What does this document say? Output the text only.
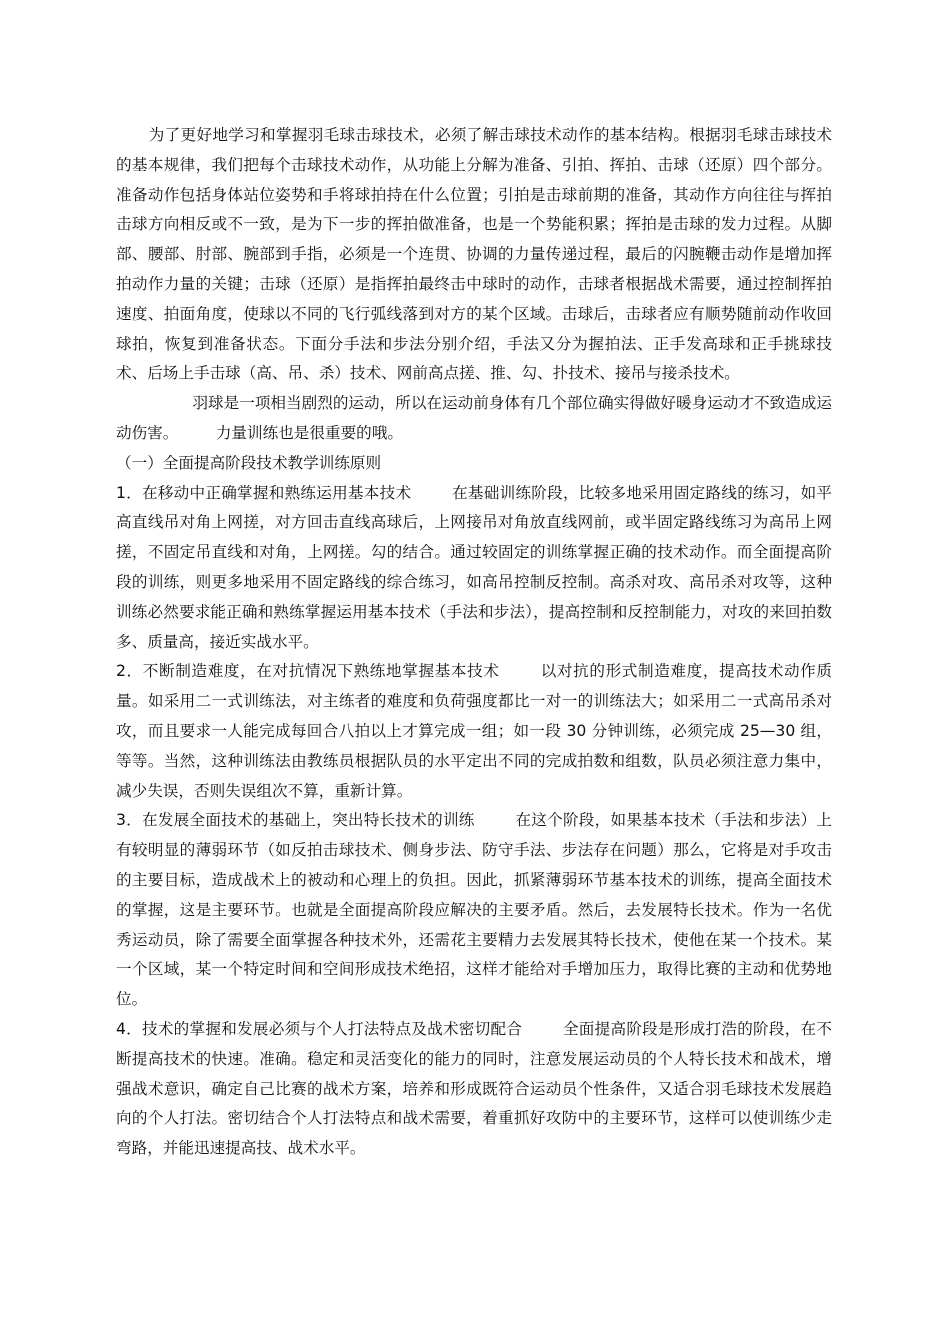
为了更好地学习和掌握羽毛球击球技术，必须了解击球技术动作的基本结构。根据羽毛球击球技术的基本规律，我们把每个击球技术动作，从功能上分解为准备、引拍、挥拍、击球（还原）四个部分。准备动作包括身体站位姿势和手将球拍持在什么位置；引拍是击球前期的准备，其动作方向往往与挥拍击球方向相反或不一致，是为下一步的挥拍做准备，也是一个势能积累；挥拍是击球的发力过程。从脚部、腰部、肘部、腕部到手指，必须是一个连贯、协调的力量传递过程，最后的闪腕鞭击动作是增加挥拍动作力量的关键；击球（还原）是指挥拍最终击中球时的动作，击球者根据战术需要，通过控制挥拍速度、拍面角度，使球以不同的飞行弧线落到对方的某个区域。击球后，击球者应有顺势随前动作收回球拍，恢复到准备状态。下面分手法和步法分别介绍，手法又分为握拍法、正手发高球和正手挑球技术、后场上手击球（高、吊、杀）技术、网前高点搓、推、勾、扑技术、接吊与接杀技术。

羽球是一项相当剧烈的运动，所以在运动前身体有几个部位确实得做好暖身运动才不致造成运动伤害。 力量训练也是很重要的哦。

（一）全面提高阶段技术教学训练原则

1．在移动中正确掌握和熟练运用基本技术	在基础训练阶段，比较多地采用固定路线的练习，如平高直线吊对角上网搓，对方回击直线高球后，上网接吊对角放直线网前，或半固定路线练习为高吊上网搓，不固定吊直线和对角，上网搓。勾的结合。通过较固定的训练掌握正确的技术动作。而全面提高阶段的训练，则更多地采用不固定路线的综合练习，如高吊控制反控制。高杀对攻、高吊杀对攻等，这种训练必然要求能正确和熟练掌握运用基本技术（手法和步法），提高控制和反控制能力，对攻的来回拍数多、质量高，接近实战水平。

2．不断制造难度，在对抗情况下熟练地掌握基本技术	以对抗的形式制造难度，提高技术动作质量。如采用二一式训练法，对主练者的难度和负荷强度都比一对一的训练法大；如采用二一式高吊杀对攻，而且要求一人能完成每回合八拍以上才算完成一组；如一段 30 分钟训练，必须完成 25—30 组，等等。当然，这种训练法由教练员根据队员的水平定出不同的完成拍数和组数，队员必须注意力集中，减少失误，否则失误组次不算，重新计算。

3．在发展全面技术的基础上，突出特长技术的训练	在这个阶段，如果基本技术（手法和步法）上有较明显的薄弱环节（如反拍击球技术、侧身步法、防守手法、步法存在问题）那么，它将是对手攻击的主要目标，造成战术上的被动和心理上的负担。因此，抓紧薄弱环节基本技术的训练，提高全面技术的掌握，这是主要环节。也就是全面提高阶段应解决的主要矛盾。然后，去发展特长技术。作为一名优秀运动员，除了需要全面掌握各种技术外，还需花主要精力去发展其特长技术，使他在某一个技术。某一个区域，某一个特定时间和空间形成技术绝招，这样才能给对手增加压力，取得比赛的主动和优势地位。

4．技术的掌握和发展必须与个人打法特点及战术密切配合	全面提高阶段是形成打浩的阶段，在不断提高技术的快速。准确。稳定和灵活变化的能力的同时，注意发展运动员的个人特长技术和战术，增强战术意识，确定自己比赛的战术方案，培养和形成既符合运动员个性条件，又适合羽毛球技术发展趋向的个人打法。密切结合个人打法特点和战术需要，着重抓好攻防中的主要环节，这样可以使训练少走弯路，并能迅速提高技、战术水平。
